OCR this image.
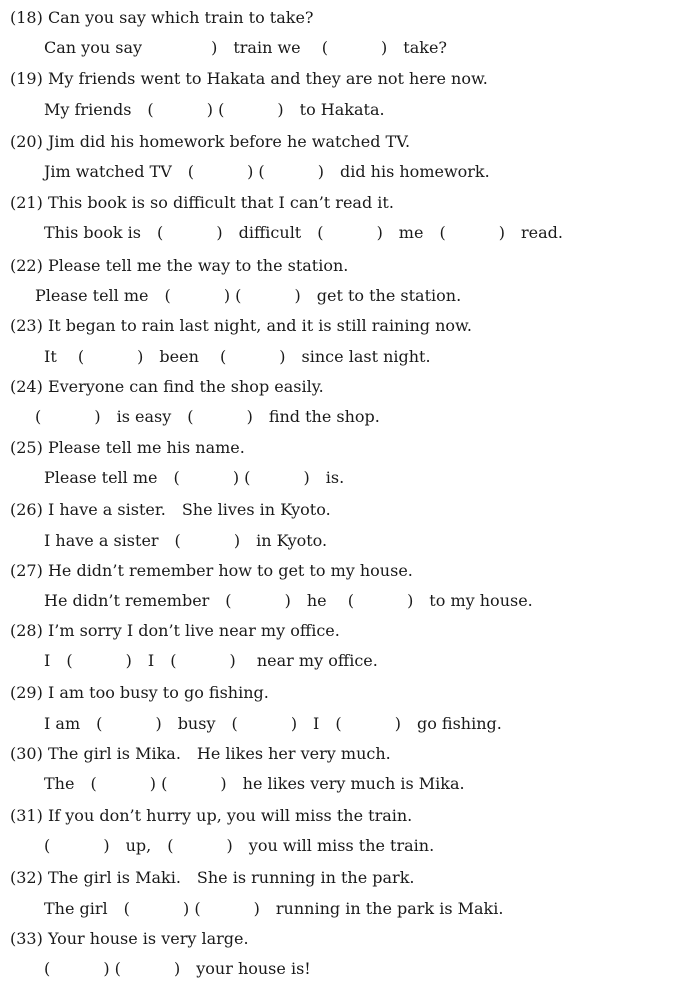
(18) Can you say which train to take?
Can you say　　　　 )　train we　 (　　　 )　take?
(19) My friends went to Hakata and they are not here now.
My friends　(　　　 ) (　　　 )　to Hakata.
(20) Jim did his homework before he watched TV.
Jim watched TV　(　　　 ) (　　　 )　did his homework.
(21) This book is so difficult that I can’t read it.
This book is　(　　　 )　difficult　(　　　 )　me　(　　　 )　read.
(22) Please tell me the way to the station.
Please tell me　(　　　 ) (　　　 )　get to the station.
(23) It began to rain last night, and it is still raining now.
It　 (　　　 )　been　 (　　　 )　since last night.
(24) Everyone can find the shop easily.
(　　　 )　is easy　(　　　 )　find the shop.
(25) Please tell me his name.
Please tell me　(　　　 ) (　　　 )　is.
(26) I have a sister.　She lives in Kyoto.
I have a sister　(　　　 )　in Kyoto.
(27) He didn’t remember how to get to my house.
He didn’t remember　(　　　 )　he　 (　　　 )　to my house.
(28) I’m sorry I don’t live near my office.
I　(　　　 )　I　(　　　 )　 near my office.
(29) I am too busy to go fishing.
I am　(　　　 )　busy　(　　　 )　I　(　　　 )　go fishing.
(30) The girl is Mika.　He likes her very much.
The　(　　　 ) (　　　 )　he likes very much is Mika.
(31) If you don’t hurry up, you will miss the train.
(　　　 )　up,　(　　　 )　you will miss the train.
(32) The girl is Maki.　She is running in the park.
The girl　(　　　 ) (　　　 )　running in the park is Maki.
(33) Your house is very large.
(　　　 ) (　　　 )　your house is!
